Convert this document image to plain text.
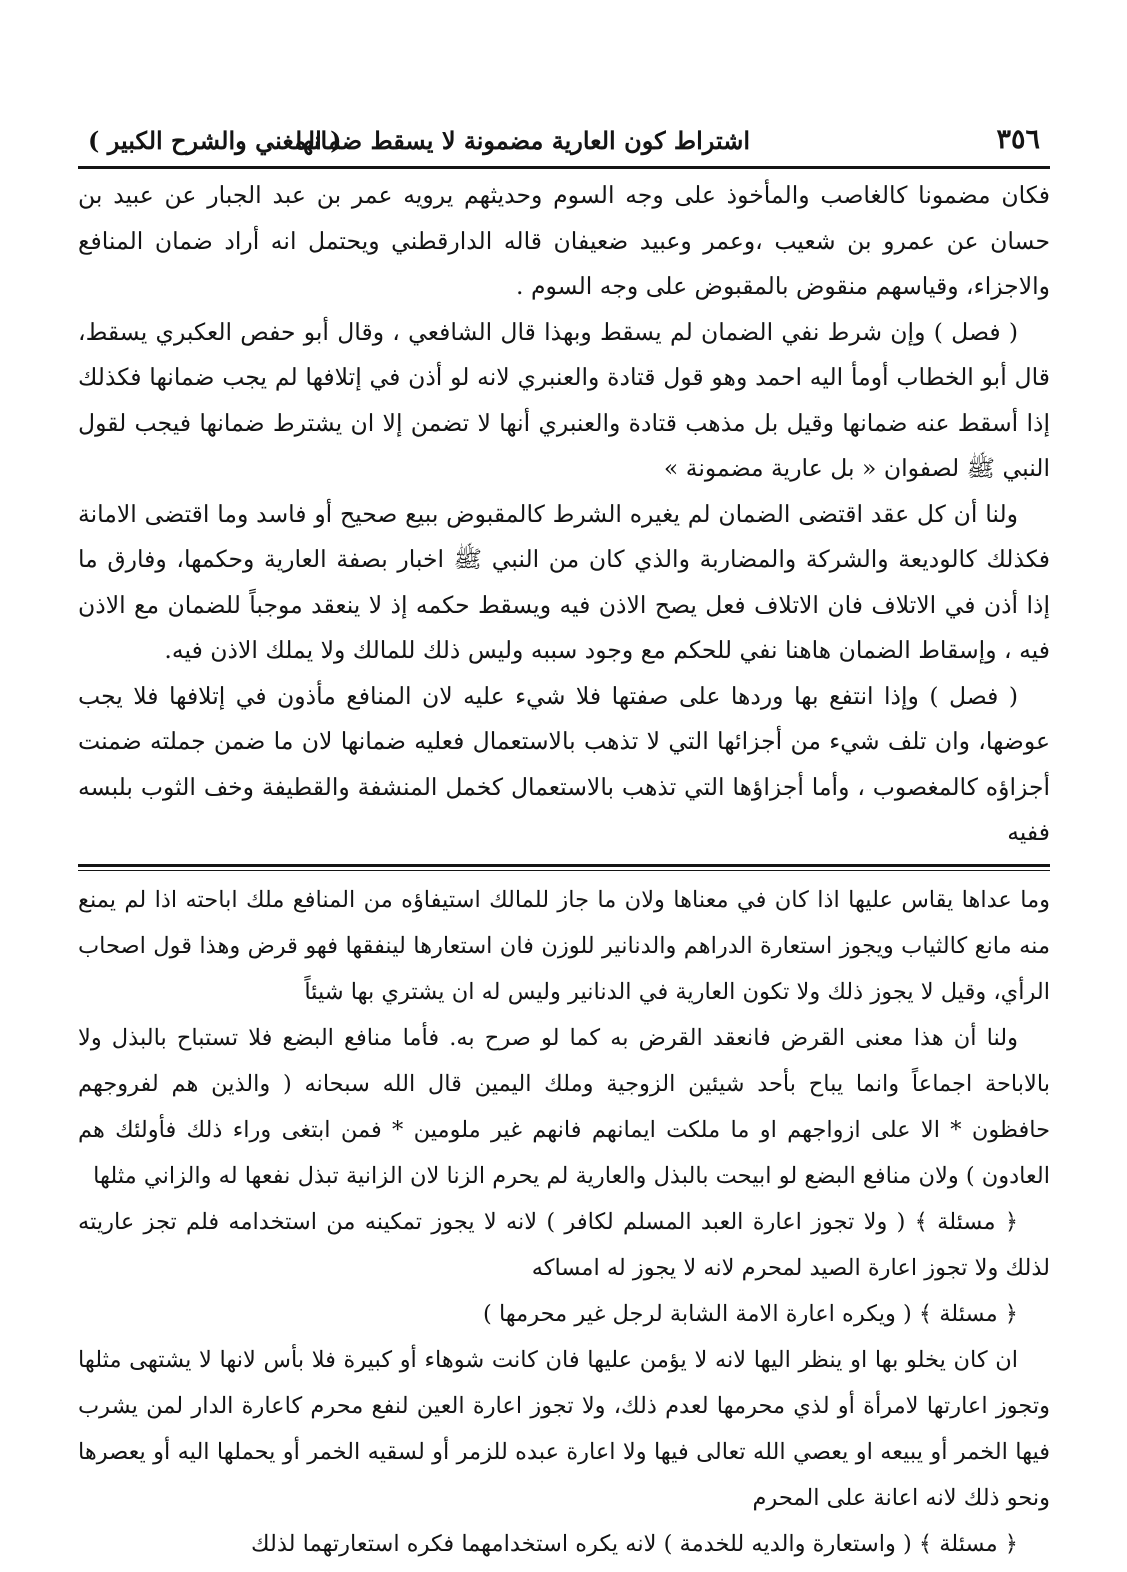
٣٥٦
اشتراط كون العارية مضمونة لا يسقط ضمانها
( المغني والشرح الكبير )

فكان مضمونا كالغاصب والمأخوذ على وجه السوم وحديثهم يرويه عمر بن عبد الجبار عن عبيد بن حسان عن عمرو بن شعيب ،وعمر وعبيد ضعيفان قاله الدارقطني ويحتمل انه أراد ضمان المنافع والاجزاء، وقياسهم منقوض بالمقبوض على وجه السوم .

( فصل ) وإن شرط نفي الضمان لم يسقط وبهذا قال الشافعي ، وقال أبو حفص العكبري يسقط، قال أبو الخطاب أومأ اليه احمد وهو قول قتادة والعنبري لانه لو أذن في إتلافها لم يجب ضمانها فكذلك إذا أسقط عنه ضمانها وقيل بل مذهب قتادة والعنبري أنها لا تضمن إلا ان يشترط ضمانها فيجب لقول النبي ﷺ لصفوان « بل عارية مضمونة »

ولنا أن كل عقد اقتضى الضمان لم يغيره الشرط كالمقبوض ببيع صحيح أو فاسد وما اقتضى الامانة فكذلك كالوديعة والشركة والمضاربة والذي كان من النبي ﷺ اخبار بصفة العارية وحكمها، وفارق ما إذا أذن في الاتلاف فان الاتلاف فعل يصح الاذن فيه ويسقط حكمه إذ لا ينعقد موجباً للضمان مع الاذن فيه ، وإسقاط الضمان هاهنا نفي للحكم مع وجود سببه وليس ذلك للمالك ولا يملك الاذن فيه.

( فصل ) وإذا انتفع بها وردها على صفتها فلا شيء عليه لان المنافع مأذون في إتلافها فلا يجب عوضها، وان تلف شيء من أجزائها التي لا تذهب بالاستعمال فعليه ضمانها لان ما ضمن جملته ضمنت أجزاؤه كالمغصوب ، وأما أجزاؤها التي تذهب بالاستعمال كخمل المنشفة والقطيفة وخف الثوب بلبسه ففيه

وما عداها يقاس عليها اذا كان في معناها ولان ما جاز للمالك استيفاؤه من المنافع ملك اباحته اذا لم يمنع منه مانع كالثياب ويجوز استعارة الدراهم والدنانير للوزن فان استعارها لينفقها فهو قرض وهذا قول اصحاب الرأي، وقيل لا يجوز ذلك ولا تكون العارية في الدنانير وليس له ان يشتري بها شيئاً

ولنا أن هذا معنى القرض فانعقد القرض به كما لو صرح به. فأما منافع البضع فلا تستباح بالبذل ولا بالاباحة اجماعاً وانما يباح بأحد شيئين الزوجية وملك اليمين قال الله سبحانه ( والذين هم لفروجهم حافظون * الا على ازواجهم او ما ملكت ايمانهم فانهم غير ملومين * فمن ابتغى وراء ذلك فأولئك هم العادون ) ولان منافع البضع لو ابيحت بالبذل والعارية لم يحرم الزنا لان الزانية تبذل نفعها له والزاني مثلها

﴿ مسئلة ﴾ ( ولا تجوز اعارة العبد المسلم لكافر ) لانه لا يجوز تمكينه من استخدامه فلم تجز عاريته لذلك ولا تجوز اعارة الصيد لمحرم لانه لا يجوز له امساكه

﴿ مسئلة ﴾ ( ويكره اعارة الامة الشابة لرجل غير محرمها )

ان كان يخلو بها او ينظر اليها لانه لا يؤمن عليها فان كانت شوهاء أو كبيرة فلا بأس لانها لا يشتهى مثلها وتجوز اعارتها لامرأة أو لذي محرمها لعدم ذلك، ولا تجوز اعارة العين لنفع محرم كاعارة الدار لمن يشرب فيها الخمر أو يبيعه او يعصي الله تعالى فيها ولا اعارة عبده للزمر أو لسقيه الخمر أو يحملها اليه أو يعصرها ونحو ذلك لانه اعانة على المحرم

﴿ مسئلة ﴾ ( واستعارة والديه للخدمة ) لانه يكره استخدامهما فكره استعارتهما لذلك
